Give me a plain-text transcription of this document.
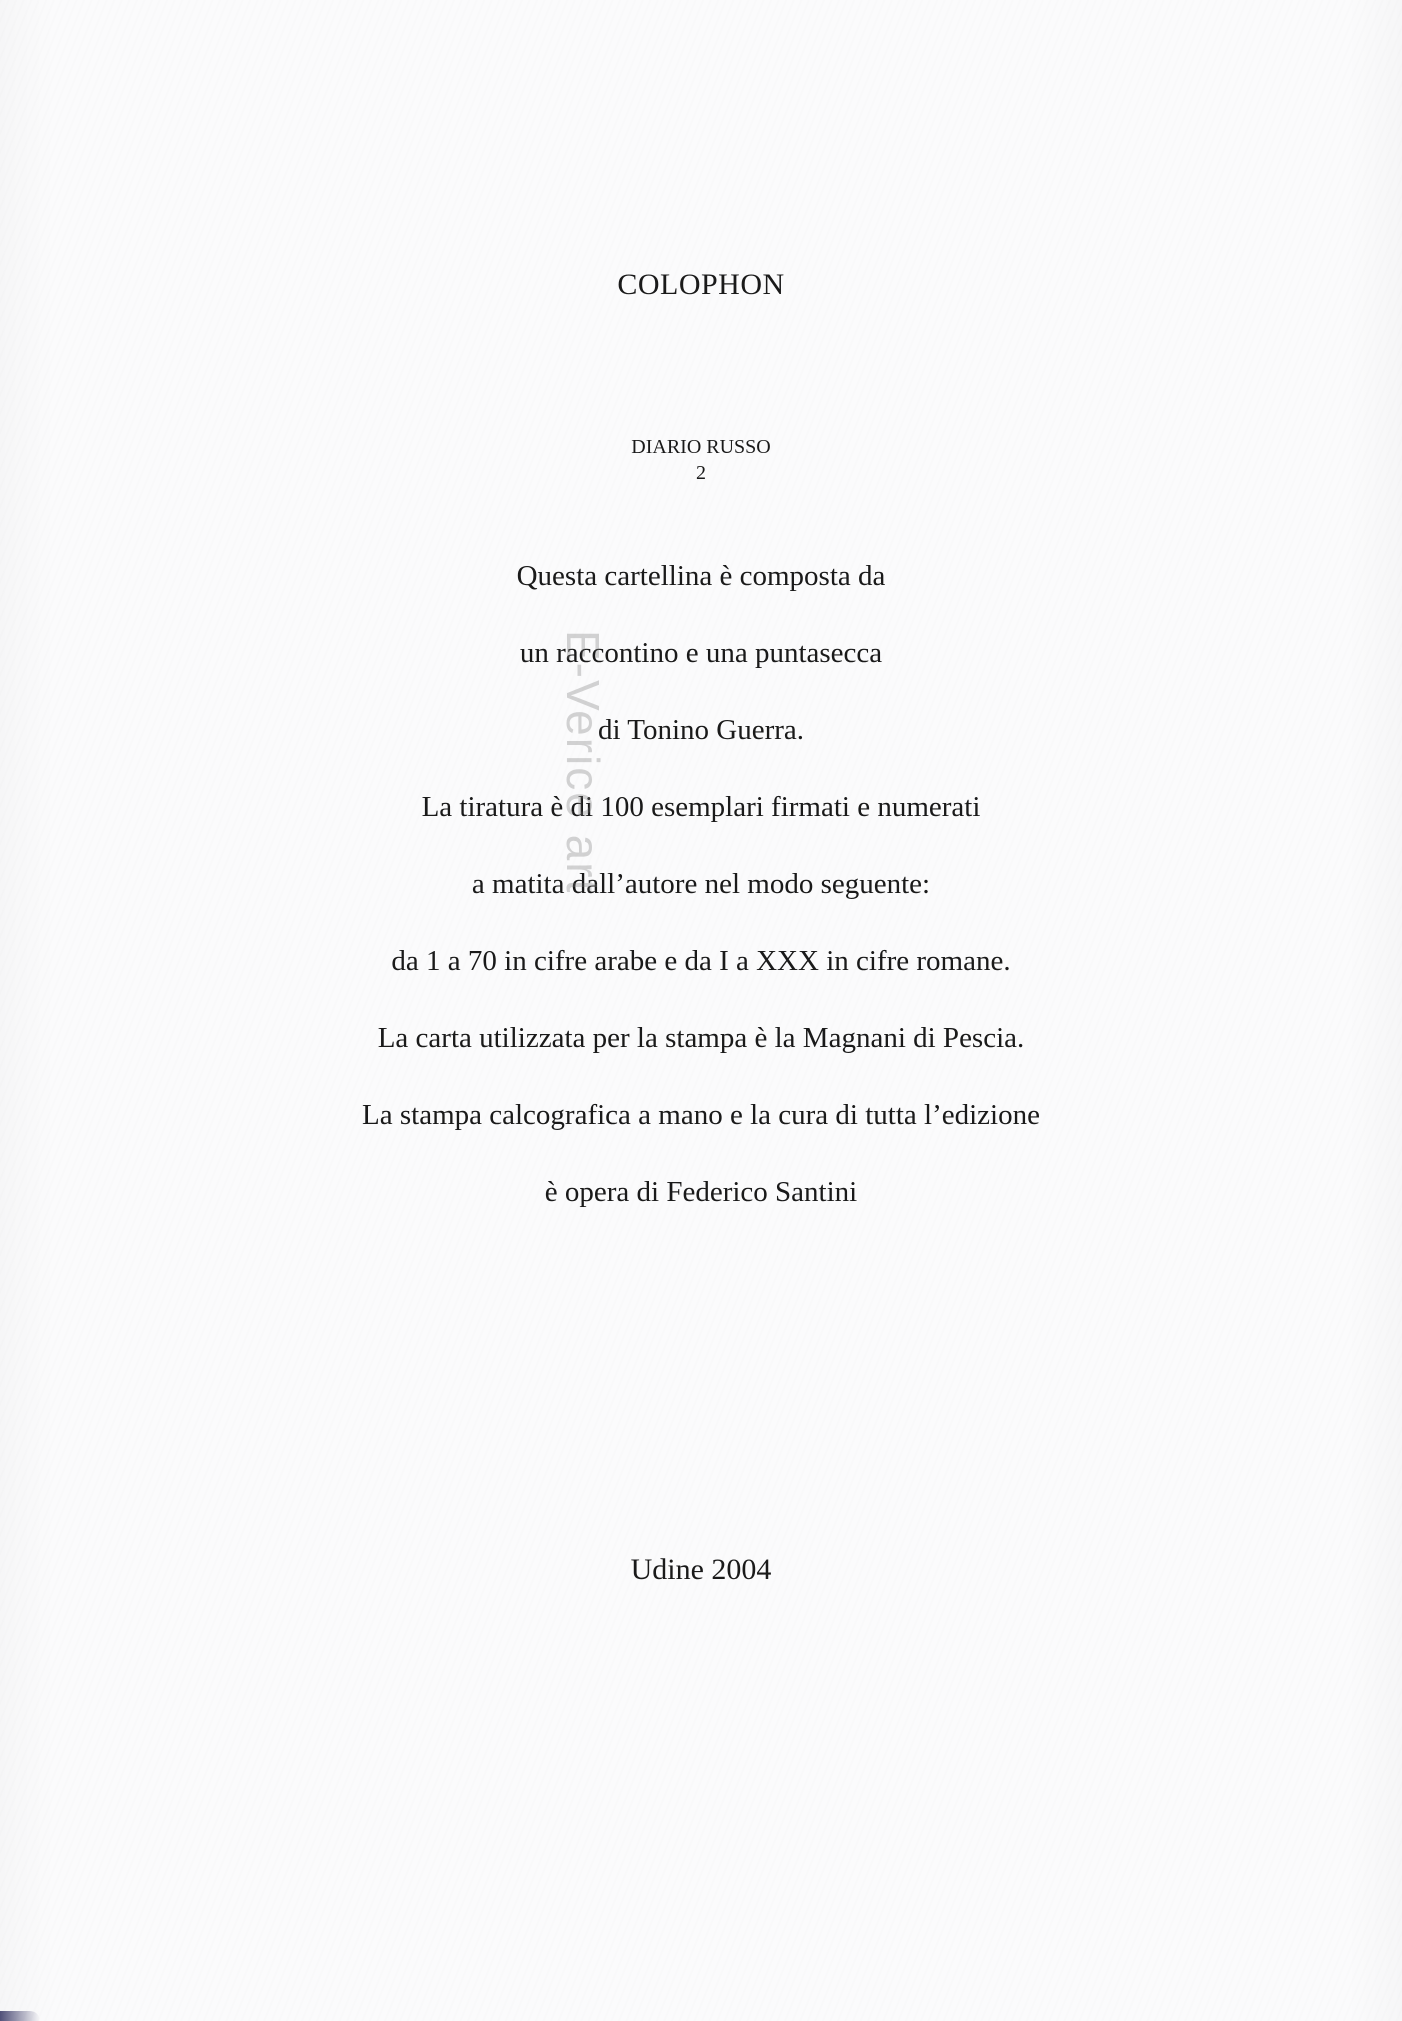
COLOPHON
DIARIO RUSSO
2
Questa cartellina è composta da
un raccontino e una puntasecca
di Tonino Guerra.
La tiratura è di 100 esemplari firmati e numerati
a matita dall’autore nel modo seguente:
da 1 a 70 in cifre arabe e da I a XXX in cifre romane.
La carta utilizzata per la stampa è la Magnani di Pescia.
La stampa calcografica a mano e la cura di tutta l’edizione
è opera di Federico Santini
Udine 2004
E-Verice art
